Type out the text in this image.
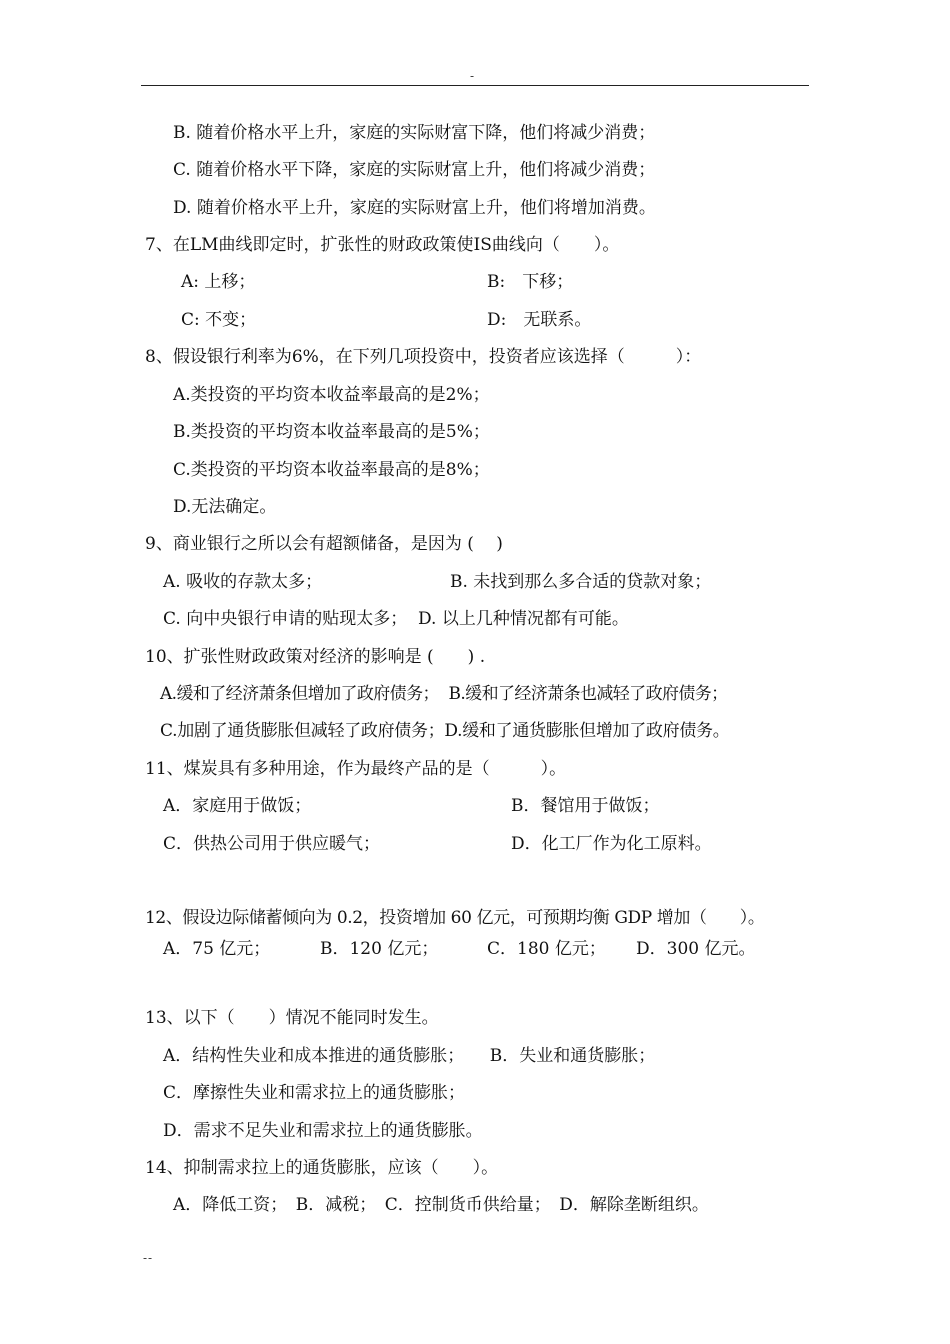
-
B. 随着价格水平上升，家庭的实际财富下降，他们将减少消费；
C. 随着价格水平下降，家庭的实际财富上升，他们将减少消费；
D. 随着价格水平上升，家庭的实际财富上升，他们将增加消费。
7、在LM曲线即定时，扩张性的财政政策使IS曲线向（　　）。
A: 上移；	B:　下移；
C: 不变；	D:　无联系。
8、假设银行利率为6%，在下列几项投资中，投资者应该选择（　　　）：
A.类投资的平均资本收益率最高的是2%；
B.类投资的平均资本收益率最高的是5%；
C.类投资的平均资本收益率最高的是8%；
D.无法确定。
9、商业银行之所以会有超额储备，是因为 (　 )
A. 吸收的存款太多；	B. 未找到那么多合适的贷款对象；
C. 向中央银行申请的贴现太多；  D. 以上几种情况都有可能。
10、扩张性财政政策对经济的影响是 (　　) .
A.缓和了经济萧条但增加了政府债务；  B.缓和了经济萧条也减轻了政府债务；
C.加剧了通货膨胀但减轻了政府债务；D.缓和了通货膨胀但增加了政府债务。
11、煤炭具有多种用途，作为最终产品的是（　　　）。
A．家庭用于做饭；	B．餐馆用于做饭；
C．供热公司用于供应暖气；	D．化工厂作为化工原料。
12、假设边际储蓄倾向为 0.2，投资增加 60 亿元，可预期均衡 GDP 增加（　　）。
A．75 亿元；	B．120 亿元；	C．180 亿元； D．300 亿元。
13、以下（　　）情况不能同时发生。
A．结构性失业和成本推进的通货膨胀；　　B．失业和通货膨胀；
C．摩擦性失业和需求拉上的通货膨胀；
D．需求不足失业和需求拉上的通货膨胀。
14、抑制需求拉上的通货膨胀，应该（　　）。
A．降低工资；　B．减税；　C．控制货币供给量；　D．解除垄断组织。
--
